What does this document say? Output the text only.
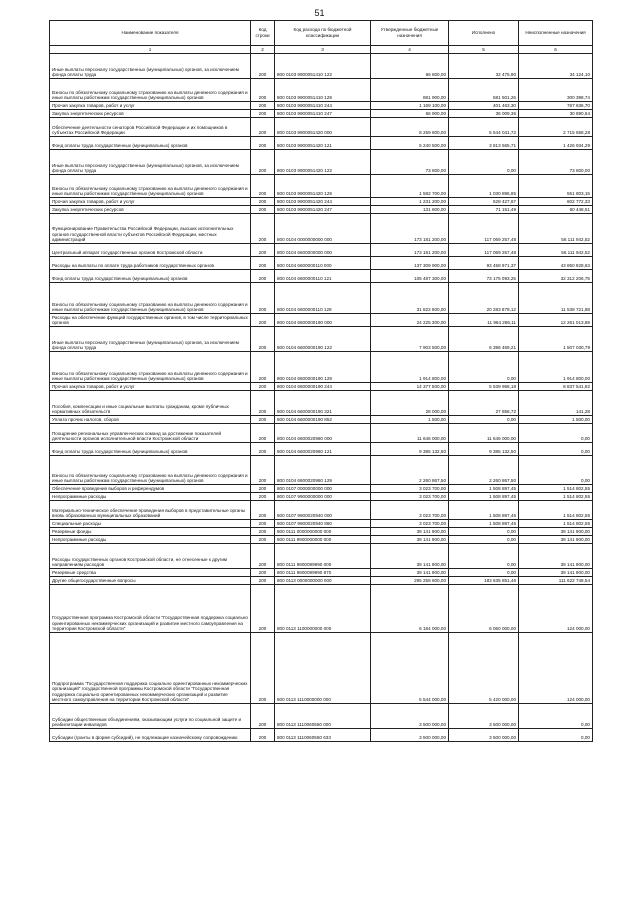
51
Наименование показателя	Код строки	Код расхода по бюджетной классификации	Утвержденные бюджетные назначения	Исполнено	Неисполненные назначения
1	2	3	4	5	6
Иные выплаты персоналу государственных (муниципальных) органов, за исключением фонда оплаты труда	200	800 0103 9900051410 122	66 600,00	32 475,90	34 124,10
Взносы по обязательному социальному страхованию на выплаты денежного содержания и иные выплаты работникам государственных (муниципальных) органов	200	800 0103 9900051410 129	881 900,00	581 501,26	300 398,74
Прочая закупка товаров, работ и услуг	200	800 0103 9900051410 244	1 169 100,00	401 463,30	767 636,70
Закупка энергетических ресурсов	200	800 0103 9900051410 247	66 900,00	36 009,36	30 890,64
Обеспечение деятельности сенаторов Российской Федерации и их помощников в субъектах Российской Федерации	200	800 0103 9900051420 000	8 259 600,00	5 544 041,72	2 715 558,28
Фонд оплаты труда государственных (муниципальных) органов	200	800 0103 9900051420 121	5 240 500,00	3 813 565,71	1 426 934,29
Иные выплаты персоналу государственных (муниципальных) органов, за исключением фонда оплаты труда	200	800 0103 9900051420 122	73 600,00	0,00	73 600,00
Взносы по обязательному социальному страхованию на выплаты денежного содержания и иные выплаты работникам государственных (муниципальных) органов	200	800 0103 9900051420 129	1 582 700,00	1 030 896,85	551 803,15
Прочая закупка товаров, работ и услуг	200	800 0103 9900051420 244	1 231 200,00	628 427,67	602 772,33
Закупка энергетических ресурсов	200	800 0103 9900051420 247	131 600,00	71 151,49	60 448,51
Функционирование Правительства Российской Федерации, высших исполнительных органов государственной власти субъектов Российской Федерации, местных администраций	200	800 0104 0000000000 000	173 181 200,00	117 069 257,48	56 111 942,52
Центральный аппарат государственных органов Костромской области	200	800 0104 6600000000 000	173 181 200,00	117 069 257,48	56 111 942,52
Расходы на выплаты по оплате труда работников государственных органов	200	800 0104 6600000110 000	137 309 900,00	93 458 971,37	43 850 928,63
Фонд оплаты труда государственных (муниципальных) органов	200	800 0104 6600000110 121	105 487 300,00	73 175 093,25	32 312 206,75
Взносы по обязательному социальному страхованию на выплаты денежного содержания и иные выплаты работникам государственных (муниципальных) органов	200	800 0104 6600000110 129	31 822 600,00	20 283 878,12	11 538 721,88
Расходы на обеспечение функций государственных органов, в том числе территориальных органов	200	800 0104 6600000190 000	24 225 300,00	11 964 286,11	12 261 013,89
Иные выплаты персоналу государственных (муниципальных) органов, за исключением фонда оплаты труда	200	800 0104 6600000190 122	7 903 500,00	6 396 469,21	1 507 030,79
Взносы по обязательному социальному страхованию на выплаты денежного содержания и иные выплаты работникам государственных (муниципальных) органов	200	800 0104 6600000190 129	1 914 800,00	0,00	1 914 800,00
Прочая закупка товаров, работ и услуг	200	800 0104 6600000190 244	14 377 500,00	5 539 958,18	8 837 541,82
Пособия, компенсации и иные социальные выплаты гражданам, кроме публичных нормативных обязательств	200	800 0104 6600000190 321	28 000,00	27 858,72	141,28
Уплата прочих налогов, сборов	200	800 0104 6600000190 852	1 500,00	0,00	1 500,00
Поощрение региональных управленческих команд за достижение показателей деятельности органов исполнительной власти Костромской области	200	800 0104 6600020960 000	11 646 000,00	11 646 000,00	0,00
Фонд оплаты труда государственных (муниципальных) органов	200	800 0104 6600020960 121	9 385 132,50	9 385 132,50	0,00
Взносы по обязательному социальному страхованию на выплаты денежного содержания и иные выплаты работникам государственных (муниципальных) органов	200	800 0104 6600020960 129	2 260 867,50	2 260 867,50	0,00
Обеспечение проведения выборов и референдумов	200	800 0107 0000000000 000	3 023 700,00	1 508 897,45	1 514 802,55
Непрограммные расходы	200	800 0107 9900000000 000	3 023 700,00	1 508 897,45	1 514 802,55
Материально-техническое обеспечение проведения выборов в представительные органы вновь образованных муниципальных образований	200	800 0107 9900020940 000	3 023 700,00	1 508 897,45	1 514 802,55
Специальные расходы	200	800 0107 9900020940 880	3 023 700,00	1 508 897,45	1 514 802,55
Резервные фонды	200	800 0111 0000000000 000	39 141 900,00	0,00	39 141 900,00
Непрограммные расходы	200	800 0111 9900000000 000	39 141 900,00	0,00	39 141 900,00
Расходы государственных органов Костромской области, не отнесенные к другим направлениям расходов	200	800 0111 9900099990 000	39 141 900,00	0,00	39 141 900,00
Резервные средства	200	800 0111 9900099990 870	39 141 900,00	0,00	39 141 900,00
Другие общегосударственные вопросы	200	800 0113 0000000000 000	295 258 600,00	183 635 851,46	111 622 748,54
Государственная программа Костромской области "Государственная поддержка социально ориентированных некоммерческих организаций и развитие местного самоуправления на территории Костромской области"	200	800 0113 1100000000 000	6 184 000,00	6 060 000,00	124 000,00
Подпрограмма "Государственная поддержка социально ориентированных некоммерческих организаций" государственной программы Костромской области "Государственная поддержка социально ориентированных некоммерческих организаций и развитие местного самоуправления на территории Костромской области"	200	800 0113 1110000000 000	5 544 000,00	5 420 000,00	124 000,00
Субсидии общественным объединениям, оказывающим услуги по социальной защите и реабилитации инвалидов	200	800 0113 1110060550 000	3 500 000,00	3 500 000,00	0,00
Субсидии (гранты в форме субсидий), не подлежащие казначейскому сопровождению	200	800 0113 1110060550 633	3 500 000,00	3 500 000,00	0,00
